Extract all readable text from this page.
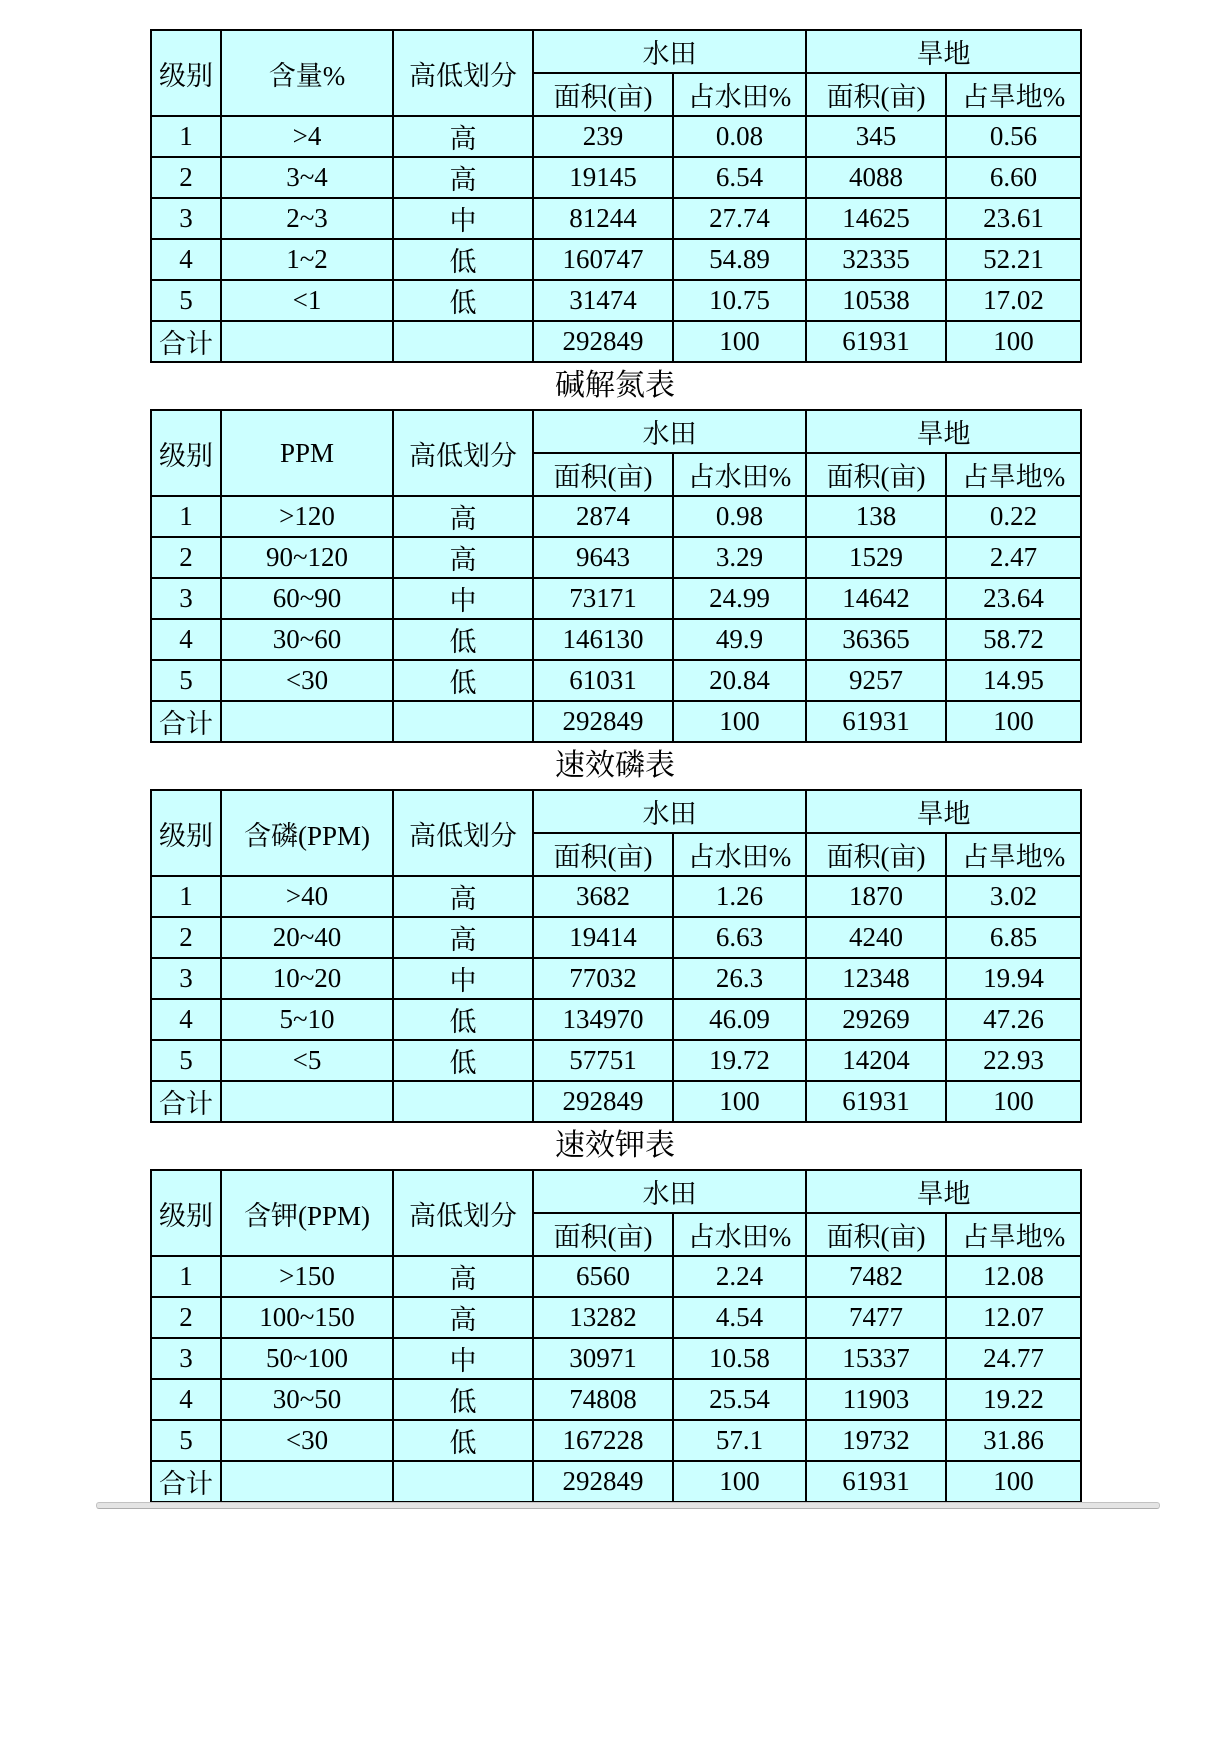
级别	含量%	高低划分	水田		旱地	
			面积(亩)	占水田%	面积(亩)	占旱地%
1	>4	高	239	0.08	345	0.56
2	3~4	高	19145	6.54	4088	6.60
3	2~3	中	81244	27.74	14625	23.61
4	1~2	低	160747	54.89	32335	52.21
5	<1	低	31474	10.75	10538	17.02
合计			292849	100	61931	100
碱解氮表
级别	PPM	高低划分	水田		旱地	
			面积(亩)	占水田%	面积(亩)	占旱地%
1	>120	高	2874	0.98	138	0.22
2	90~120	高	9643	3.29	1529	2.47
3	60~90	中	73171	24.99	14642	23.64
4	30~60	低	146130	49.9	36365	58.72
5	<30	低	61031	20.84	9257	14.95
合计			292849	100	61931	100
速效磷表
级别	含磷(PPM)	高低划分	水田		旱地	
			面积(亩)	占水田%	面积(亩)	占旱地%
1	>40	高	3682	1.26	1870	3.02
2	20~40	高	19414	6.63	4240	6.85
3	10~20	中	77032	26.3	12348	19.94
4	5~10	低	134970	46.09	29269	47.26
5	<5	低	57751	19.72	14204	22.93
合计			292849	100	61931	100
速效钾表
级别	含钾(PPM)	高低划分	水田		旱地	
			面积(亩)	占水田%	面积(亩)	占旱地%
1	>150	高	6560	2.24	7482	12.08
2	100~150	高	13282	4.54	7477	12.07
3	50~100	中	30971	10.58	15337	24.77
4	30~50	低	74808	25.54	11903	19.22
5	<30	低	167228	57.1	19732	31.86
合计			292849	100	61931	100
